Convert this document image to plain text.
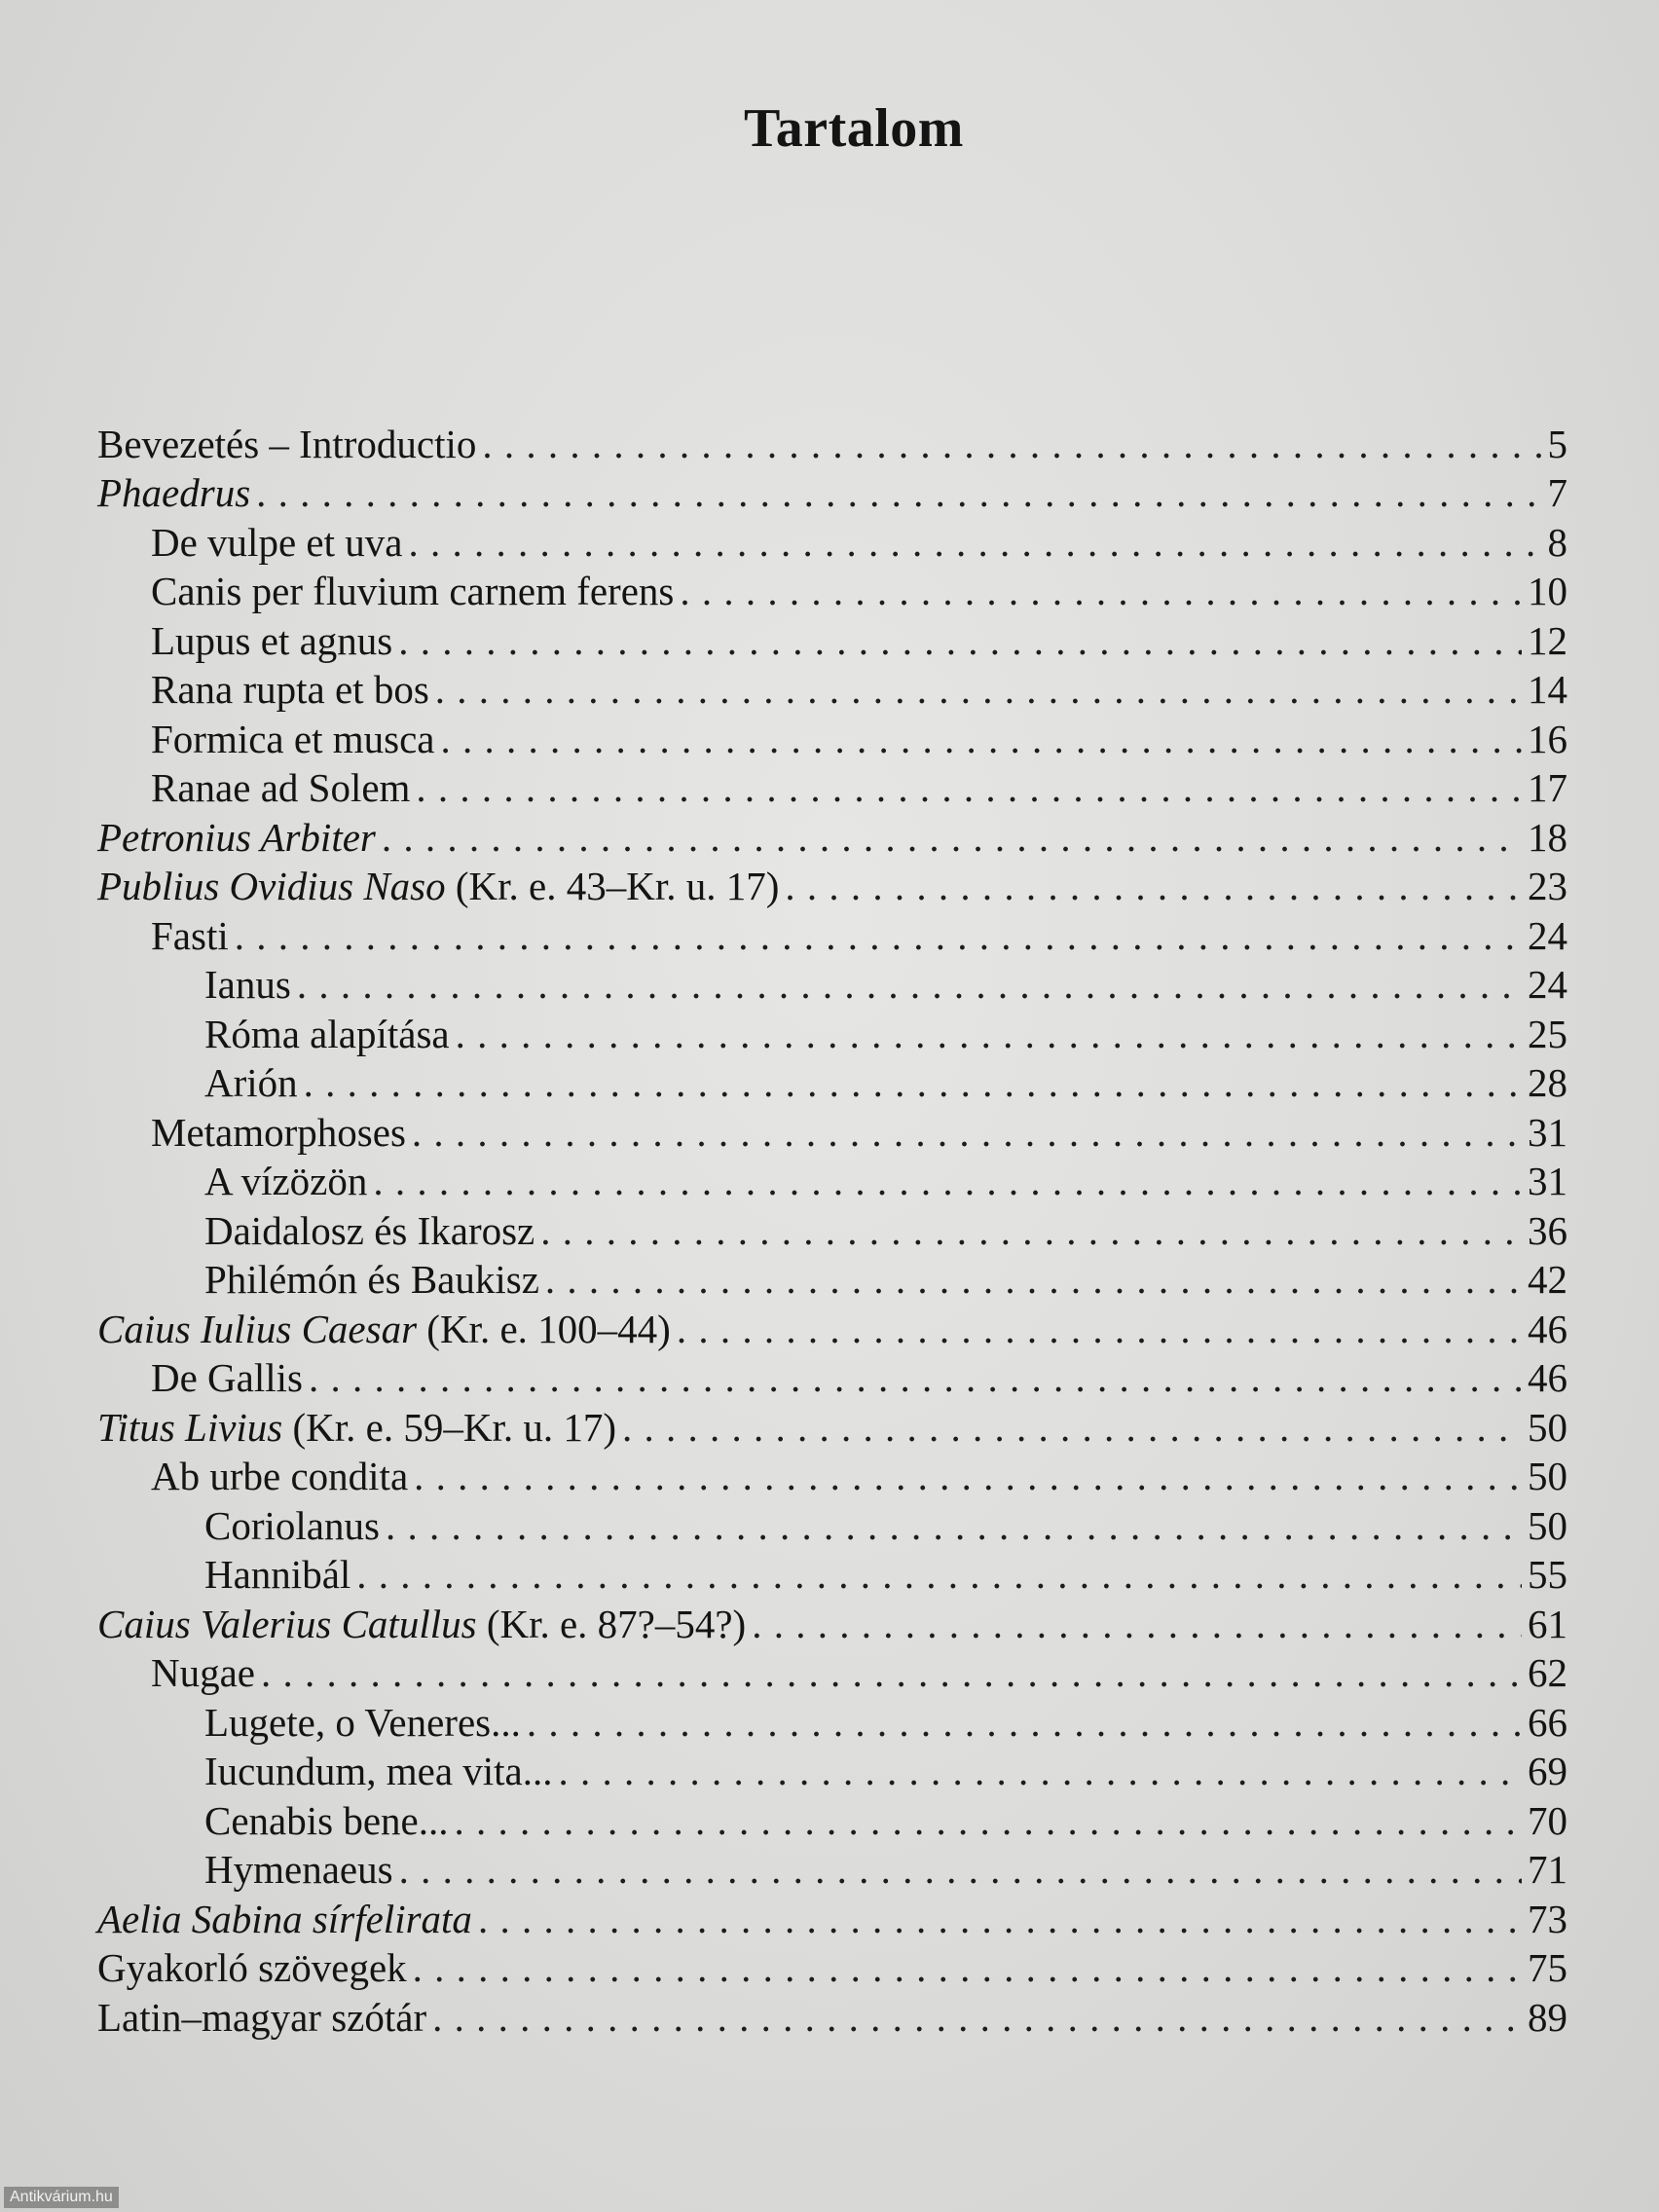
Tartalom
Bevezetés – Introductio . . .	5
Phaedrus . . .	7
De vulpe et uva . . .	8
Canis per fluvium carnem ferens . . .	10
Lupus et agnus . . .	12
Rana rupta et bos . . .	14
Formica et musca . . .	16
Ranae ad Solem . . .	17
Petronius Arbiter . . .	18
Publius Ovidius Naso (Kr. e. 43–Kr. u. 17) . . .	23
Fasti . . .	24
Ianus . . .	24
Róma alapítása . . .	25
Arión . . .	28
Metamorphoses . . .	31
A vízözön . . .	31
Daidalosz és Ikarosz . . .	36
Philémón és Baukisz . . .	42
Caius Iulius Caesar (Kr. e. 100–44) . . .	46
De Gallis . . .	46
Titus Livius (Kr. e. 59–Kr. u. 17) . . .	50
Ab urbe condita . . .	50
Coriolanus . . .	50
Hannibál . . .	55
Caius Valerius Catullus (Kr. e. 87?–54?) . . .	61
Nugae . . .	62
Lugete, o Veneres... . . .	66
Iucundum, mea vita... . . .	69
Cenabis bene... . . .	70
Hymenaeus . . .	71
Aelia Sabina sírfelirata . . .	73
Gyakorló szövegek . . .	75
Latin–magyar szótár . . .	89
Antikvárium.hu
